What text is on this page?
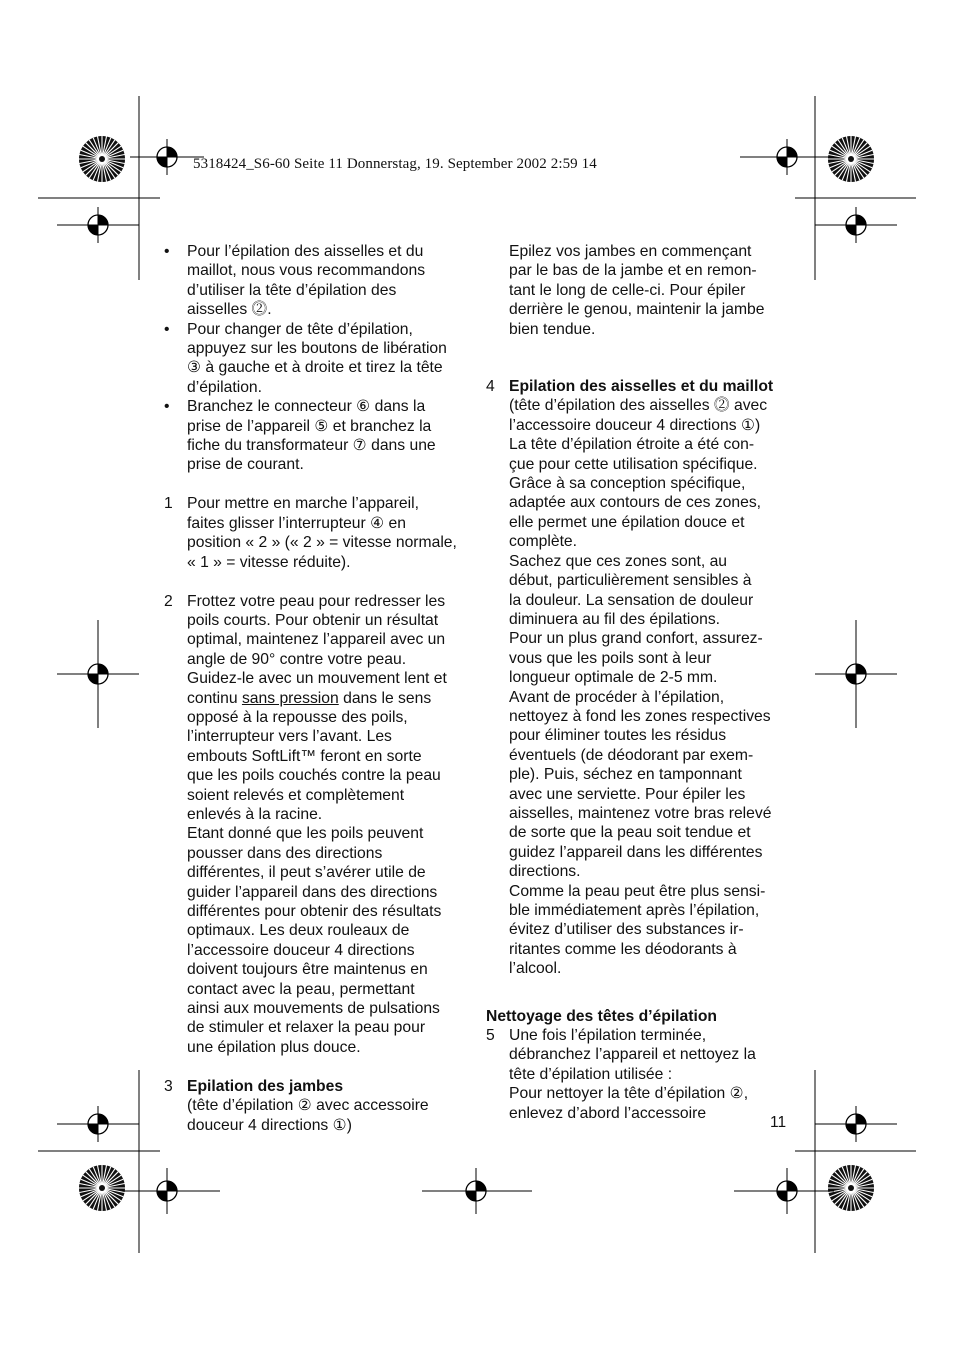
5318424_S6-60 Seite 11 Donnerstag, 19. September 2002 2:59 14
• Pour l’épilation des aisselles et du
maillot, nous vous recommandons
d’utiliser la tête d’épilation des
aisselles ⓶.
• Pour changer de tête d’épilation,
appuyez sur les boutons de libération
③ à gauche et à droite et tirez la tête
d’épilation.
• Branchez le connecteur ⑥ dans la
prise de l’appareil ⑤ et branchez la
fiche du transformateur ⑦ dans une
prise de courant.
1 Pour mettre en marche l’appareil,
faites glisser l’interrupteur ④ en
position « 2 » (« 2 » = vitesse normale,
« 1 » = vitesse réduite).
2 Frottez votre peau pour redresser les
poils courts. Pour obtenir un résultat
optimal, maintenez l’appareil avec un
angle de 90° contre votre peau.
Guidez-le avec un mouvement lent et
continu sans pression dans le sens
opposé à la repousse des poils,
l’interrupteur vers l’avant. Les
embouts SoftLift™ feront en sorte
que les poils couchés contre la peau
soient relevés et complètement
enlevés à la racine.
Etant donné que les poils peuvent
pousser dans des directions
différentes, il peut s’avérer utile de
guider l’appareil dans des directions
différentes pour obtenir des résultats
optimaux. Les deux rouleaux de
l’accessoire douceur 4 directions
doivent toujours être maintenus en
contact avec la peau, permettant
ainsi aux mouvements de pulsations
de stimuler et relaxer la peau pour
une épilation plus douce.
3 Epilation des jambes
(tête d’épilation ② avec accessoire
douceur 4 directions ①)
Epilez vos jambes en commençant
par le bas de la jambe et en remon-
tant le long de celle-ci. Pour épiler
derrière le genou, maintenir la jambe
bien tendue.
4 Epilation des aisselles et du maillot
(tête d’épilation des aisselles ⓶ avec
l’accessoire douceur 4 directions ①)
La tête d’épilation étroite a été con-
çue pour cette utilisation spécifique.
Grâce à sa conception spécifique,
adaptée aux contours de ces zones,
elle permet une épilation douce et
complète.
Sachez que ces zones sont, au
début, particulièrement sensibles à
la douleur. La sensation de douleur
diminuera au fil des épilations.
Pour un plus grand confort, assurez-
vous que les poils sont à leur
longueur optimale de 2-5 mm.
Avant de procéder à l’épilation,
nettoyez à fond les zones respectives
pour éliminer toutes les résidus
éventuels (de déodorant par exem-
ple). Puis, séchez en tamponnant
avec une serviette. Pour épiler les
aisselles, maintenez votre bras relevé
de sorte que la peau soit tendue et
guidez l’appareil dans les différentes
directions.
Comme la peau peut être plus sensi-
ble immédiatement après l’épilation,
évitez d’utiliser des substances ir-
ritantes comme les déodorants à
l’alcool.
Nettoyage des têtes d’épilation
5 Une fois l’épilation terminée,
débranchez l’appareil et nettoyez la
tête d’épilation utilisée :
Pour nettoyer la tête d’épilation ②,
enlevez d’abord l’accessoire
11
